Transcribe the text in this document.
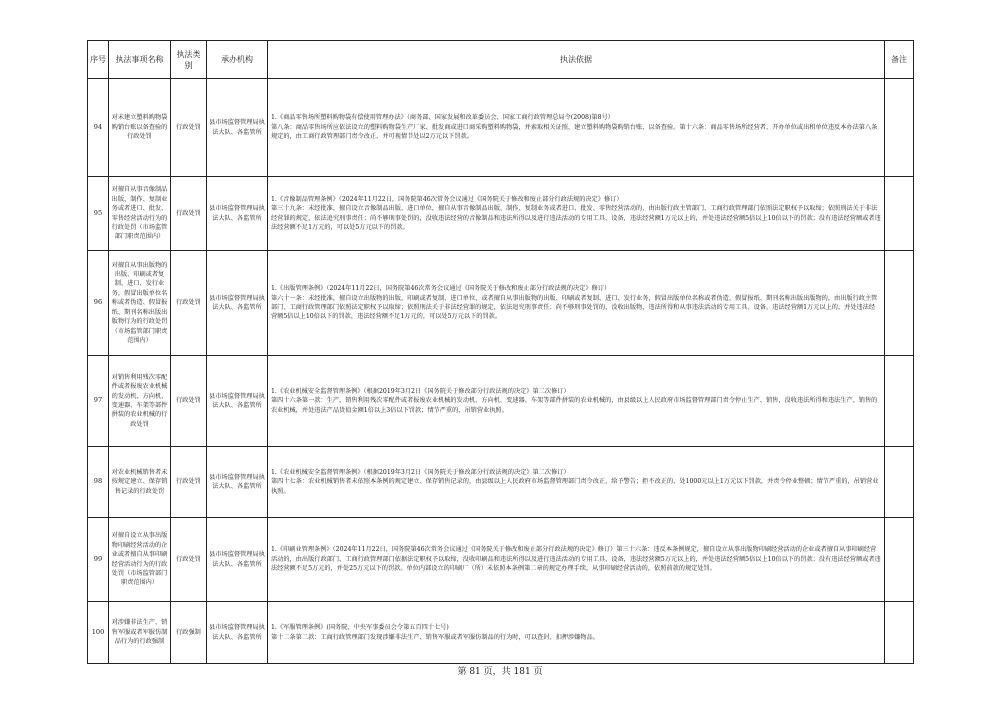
序号	执法事项名称	执法类别	承办机构	执法依据	备注
94	对未建立塑料购物袋购销台账以备查验的行政处罚	行政处罚	县市场监督管理局执法大队、各监管所	1.《商品零售场所塑料购物袋有偿使用管理办法》（商务部、国家发展和改革委员会、国家工商行政管理总局令(2008)第8号）
第八条：商品零售场所应依法设立的塑料购物袋生产厂家、批发商或进口商采购塑料购物袋，并索取相关证照，建立塑料购物袋购销台账，以备查验。第十六条：商品零售场所经营者、开办单位或出租单位违反本办法第八条规定的，由工商行政管理部门责令改正，并可视情节处以2万元以下罚款。	
95	对擅自从事音像制品出版、制作、复制业务或者进口、批发、零售经营活动行为的行政处罚（市场监管部门职责范围内）	行政处罚	县市场监督管理局执法大队、各监管所	1.《音像制品管理条例》（2024年11月22日，国务院第46次常务会议通过《国务院关于修改和废止部分行政法规的决定》修订）
第三十九条：未经批准，擅自设立音像制品出版、进口单位，擅自从事音像制品出版、制作、复制业务或者进口、批发、零售经营活动的，由出版行政主管部门、工商行政管理部门依照法定职权予以取缔；依照刑法关于非法经营罪的规定，依法追究刑事责任；尚不够刑事处罚的，没收违法经营的音像制品和违法所得以及进行违法活动的专用工具、设备，违法经营额1万元以上的，并处违法经营额5倍以上10倍以下的罚款；没有违法经营额或者违法经营额不足1万元的，可以处5万元以下的罚款。	
96	对擅自从事出版物的出版、印刷或者复制、进口、发行业务，假冒出版单位名称或者伪造、假冒报纸、期刊名称出版出版物行为的行政处罚（市场监管部门职责范围内）	行政处罚	县市场监督管理局执法大队、各监管所	1.《出版管理条例》（2024年11月22日，国务院第46次常务会议通过《国务院关于修改和废止部分行政法规的决定》修订）
第六十一条：未经批准，擅自设立出版物的出版、印刷或者复制、进口单位，或者擅自从事出版物的出版、印刷或者复制、进口、发行业务，假冒出版单位名称或者伪造、假冒报纸、期刊名称出版出版物的，由出版行政主管部门、工商行政管理部门依照法定职权予以取缔；依照刑法关于非法经营罪的规定，依法追究刑事责任；尚不够刑事处罚的，没收出版物、违法所得和从事违法活动的专用工具、设备，违法经营额1万元以上的，并处违法经营额5倍以上10倍以下的罚款，违法经营额不足1万元的，可以处5万元以下的罚款。	
97	对销售利用残次零配件或者报废农业机械的发动机、方向机、变速器、车架等部件拼装的农业机械的行政处罚	行政处罚	县市场监督管理局执法大队、各监管所	1.《农业机械安全监督管理条例》（根据2019年3月2日《国务院关于修改部分行政法规的决定》第二次修订）
第四十六条第一款：生产、销售利用残次零配件或者报废农业机械的发动机、方向机、变速器、车架等部件拼装的农业机械的，由县级以上人民政府市场监督管理部门责令停止生产、销售，没收违法所得和违法生产、销售的农业机械，并处违法产品货值金额1倍以上3倍以下罚款；情节严重的，吊销营业执照。	
98	对农业机械销售者未按规定建立、保存销售记录的行政处罚	行政处罚	县市场监督管理局执法大队、各监管所	1.《农业机械安全监督管理条例》（根据2019年3月2日《国务院关于修改部分行政法规的决定》第二次修订）
第四十七条：农业机械销售者未依照本条例的规定建立、保存销售记录的，由县级以上人民政府市场监督管理部门责令改正，给予警告；拒不改正的，处1000元以上1万元以下罚款，并责令停业整顿；情节严重的，吊销营业执照。	
99	对擅自设立从事出版物印刷经营活动的企业或者擅自从事印刷经营活动行为的行政处罚（市场监管部门职责范围内）	行政处罚	县市场监督管理局执法大队、各监管所	1.《印刷业管理条例》（2024年11月22日，国务院第46次常务会议通过《国务院关于修改和废止部分行政法规的决定》修订）第三十六条：违反本条例规定，擅自设立从事出版物印刷经营活动的企业或者擅自从事印刷经营活动的，由出版行政部门、工商行政管理部门依据法定职权予以取缔，没收印刷品和违法所得以及进行违法活动的专用工具、设备，违法经营额5万元以上的，并处违法经营额5倍以上10倍以下的罚款；没有违法经营额或者违法经营额不足5万元的，并处25万元以下的罚款。单位内部设立的印刷厂（所）未依照本条例第二章的规定办理手续，从事印刷经营活动的，依照前款的规定处罚。	
100	对涉嫌非法生产、销售军服或者军服仿制品行为的行政强制	行政强制	县市场监督管理局执法大队、各监管所	1.《军服管理条例》(国务院、中央军事委员会令第五百四十七号)
第十二条第二款：工商行政管理部门发现涉嫌非法生产、销售军服或者军服仿制品的行为时，可以查封、扣押涉嫌物品。	
第 81 页，共 181 页
